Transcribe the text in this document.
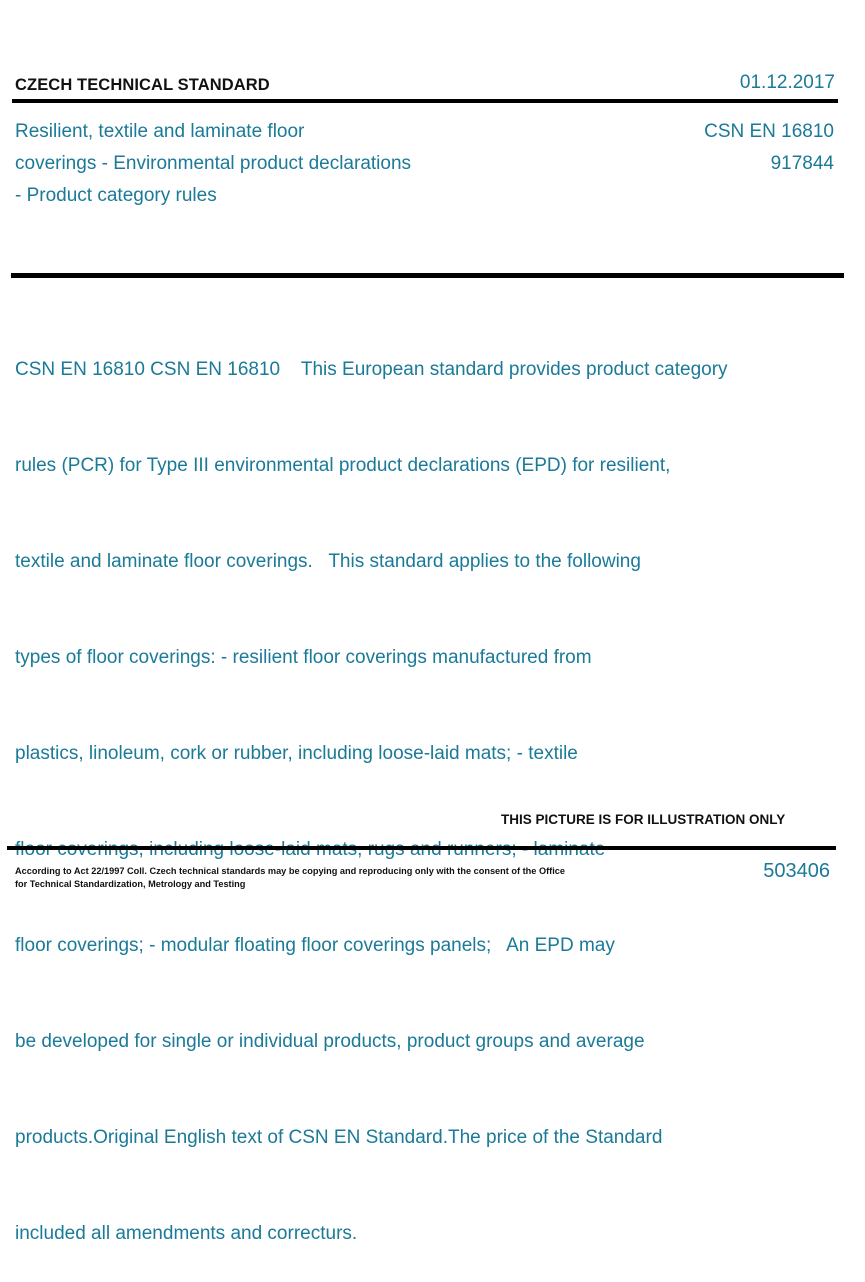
CZECH TECHNICAL STANDARD	01.12.2017
Resilient, textile and laminate floor
coverings - Environmental product declarations
- Product category rules
CSN EN 16810
917844

CSN EN 16810 CSN EN 16810    This European standard provides product category

rules (PCR) for Type III environmental product declarations (EPD) for resilient,

textile and laminate floor coverings.   This standard applies to the following

types of floor coverings: - resilient floor coverings manufactured from

plastics, linoleum, cork or rubber, including loose-laid mats; - textile

floor coverings; - modular floating floor coverings panels;   An EPD may

be developed for single or individual products, product groups and average

products.Original English text of CSN EN Standard.The price of the Standard

included all amendments and correcturs.

THIS PICTURE IS FOR ILLUSTRATION ONLY
According to Act 22/1997 Coll. Czech technical standards may be copying and reproducing only with the consent of the Office
for Technical Standardization, Metrology and Testing
503406
